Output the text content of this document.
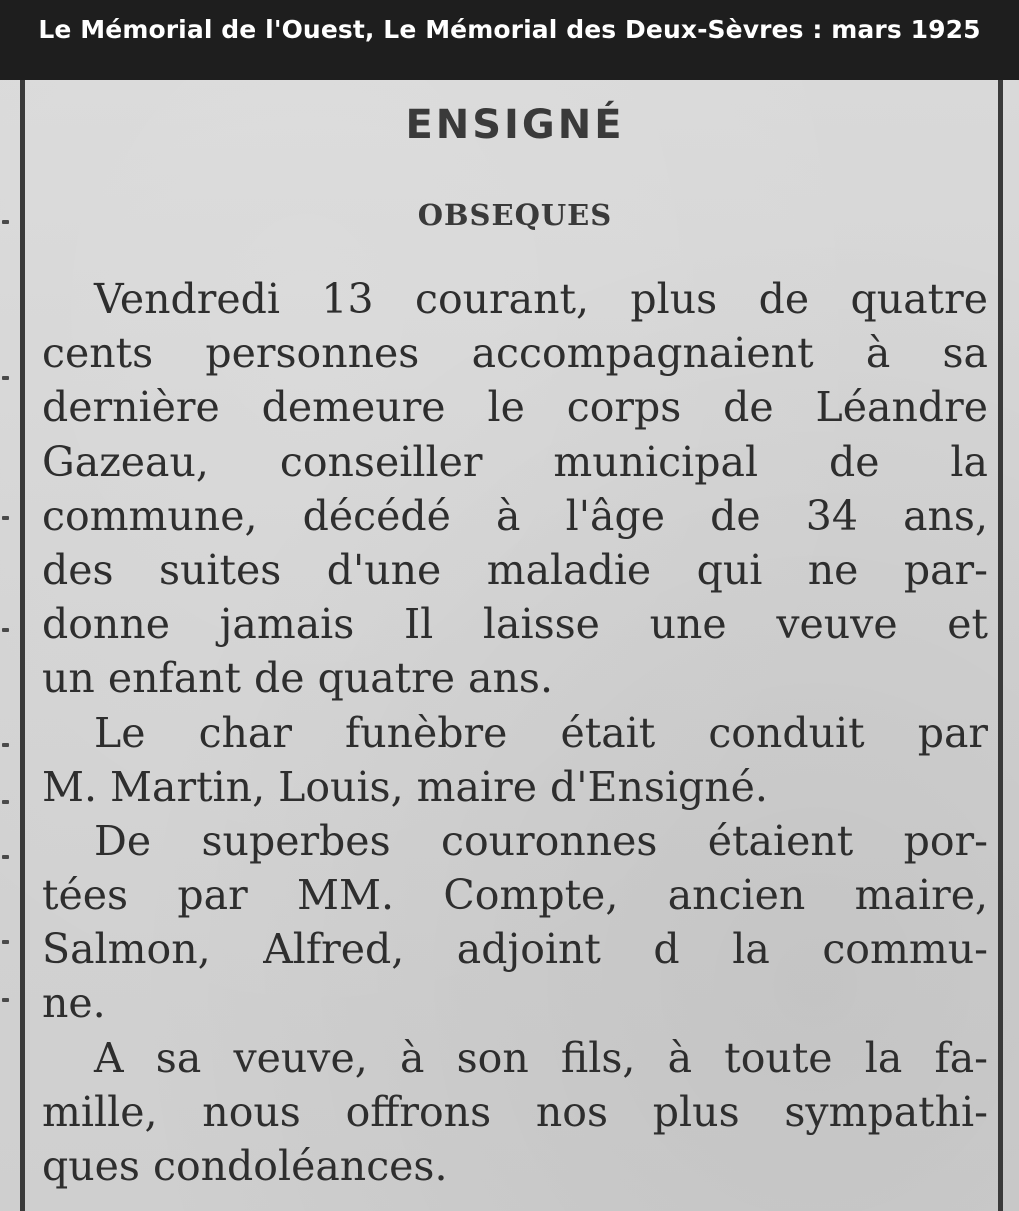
Le Mémorial de l'Ouest, Le Mémorial des Deux-Sèvres : mars 1925
ENSIGNÉ
OBSEQUES
Vendredi 13 courant, plus de quatre
cents personnes accompagnaient à sa
dernière demeure le corps de Léandre
Gazeau, conseiller municipal de la
commune, décédé à l'âge de 34 ans,
des suites d'une maladie qui ne par-
donne jamais Il laisse une veuve et
un enfant de quatre ans.
Le char funèbre était conduit par
M. Martin, Louis, maire d'Ensigné.
De superbes couronnes étaient por-
tées par MM. Compte, ancien maire,
Salmon, Alfred, adjoint d la commu-
ne.
A sa veuve, à son fils, à toute la fa-
mille, nous offrons nos plus sympathi-
ques condoléances.
